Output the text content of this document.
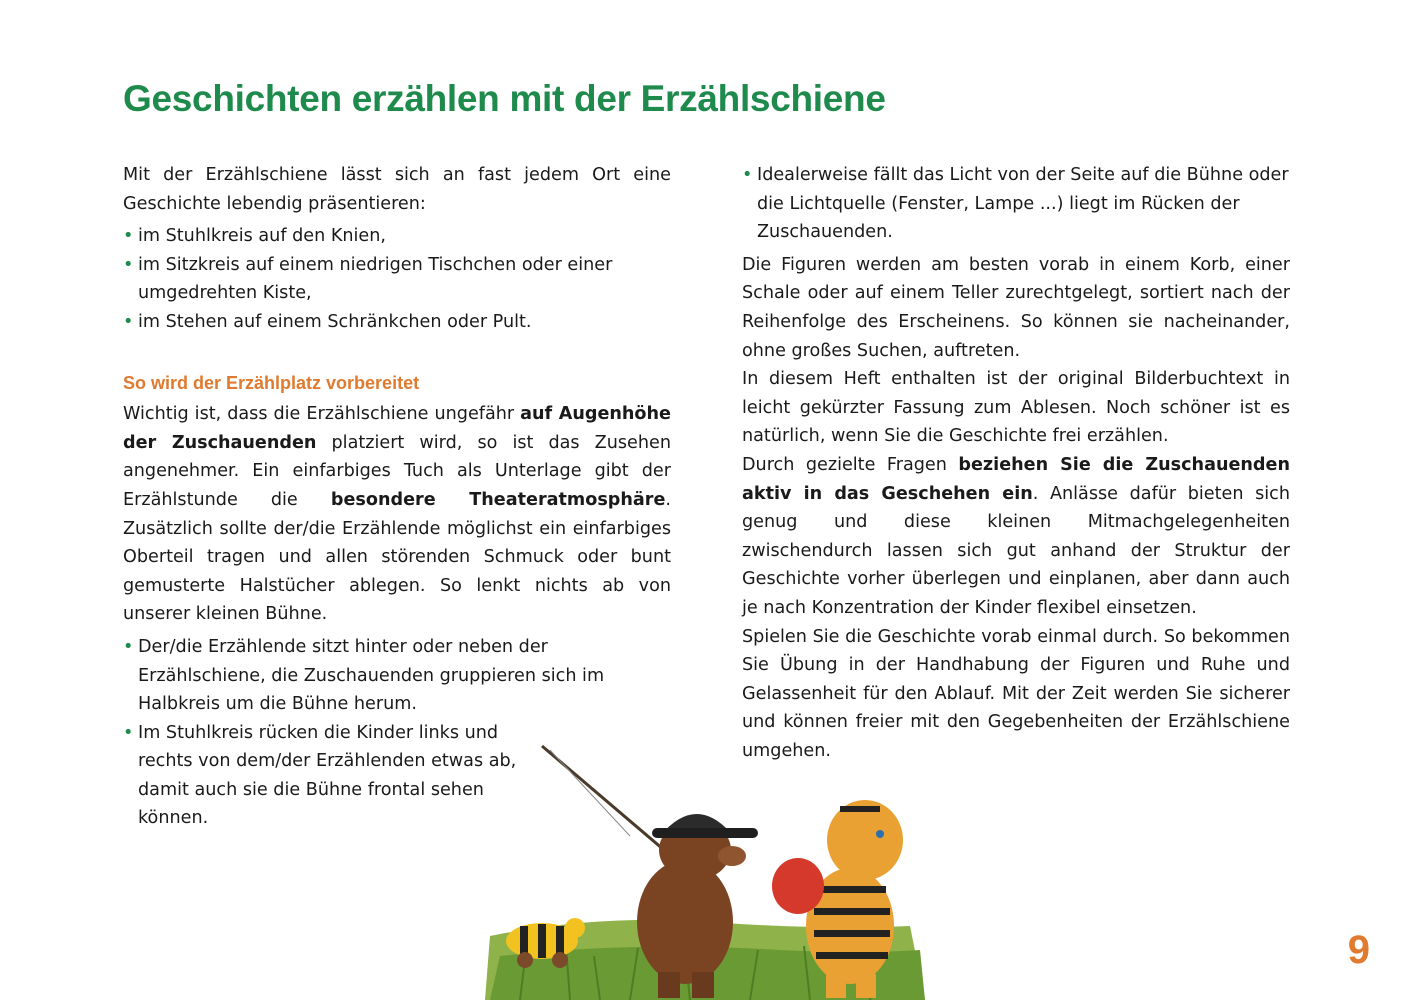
Geschichten erzählen mit der Erzählschiene

Mit der Erzählschiene lässt sich an fast jedem Ort eine Geschichte lebendig präsentieren:

• im Stuhlkreis auf den Knien,
• im Sitzkreis auf einem niedrigen Tischchen oder einer umgedrehten Kiste,
• im Stehen auf einem Schränkchen oder Pult.
So wird der Erzählplatz vorbereitet

Wichtig ist, dass die Erzählschiene ungefähr auf Augenhöhe der Zuschauenden platziert wird, so ist das Zusehen angenehmer. Ein einfarbiges Tuch als Unterlage gibt der Erzählstunde die besondere Theateratmosphäre. Zusätzlich sollte der/die Erzählende möglichst ein einfarbiges Oberteil tragen und allen störenden Schmuck oder bunt gemusterte Halstücher ablegen. So lenkt nichts ab von unserer kleinen Bühne.

• Der/die Erzählende sitzt hinter oder neben der Erzählschiene, die Zuschauenden gruppieren sich im Halbkreis um die Bühne herum.
• Im Stuhlkreis rücken die Kinder links und rechts von dem/der Erzählenden etwas ab, damit auch sie die Bühne frontal sehen können.
• Idealerweise fällt das Licht von der Seite auf die Bühne oder die Lichtquelle (Fenster, Lampe ...) liegt im Rücken der Zuschauenden.

Die Figuren werden am besten vorab in einem Korb, einer Schale oder auf einem Teller zurechtgelegt, sortiert nach der Reihenfolge des Erscheinens. So können sie nacheinander, ohne großes Suchen, auftreten.

In diesem Heft enthalten ist der original Bilderbuchtext in leicht gekürzter Fassung zum Ablesen. Noch schöner ist es natürlich, wenn Sie die Geschichte frei erzählen.

Durch gezielte Fragen beziehen Sie die Zuschauenden aktiv in das Geschehen ein. Anlässe dafür bieten sich genug und diese kleinen Mitmachgelegenheiten zwischendurch lassen sich gut anhand der Struktur der Geschichte vorher überlegen und einplanen, aber dann auch je nach Konzentration der Kinder flexibel einsetzen.

Spielen Sie die Geschichte vorab einmal durch. So bekommen Sie Übung in der Handhabung der Figuren und Ruhe und Gelassenheit für den Ablauf. Mit der Zeit werden Sie sicherer und können freier mit den Gegebenheiten der Erzählschiene umgehen.

9
